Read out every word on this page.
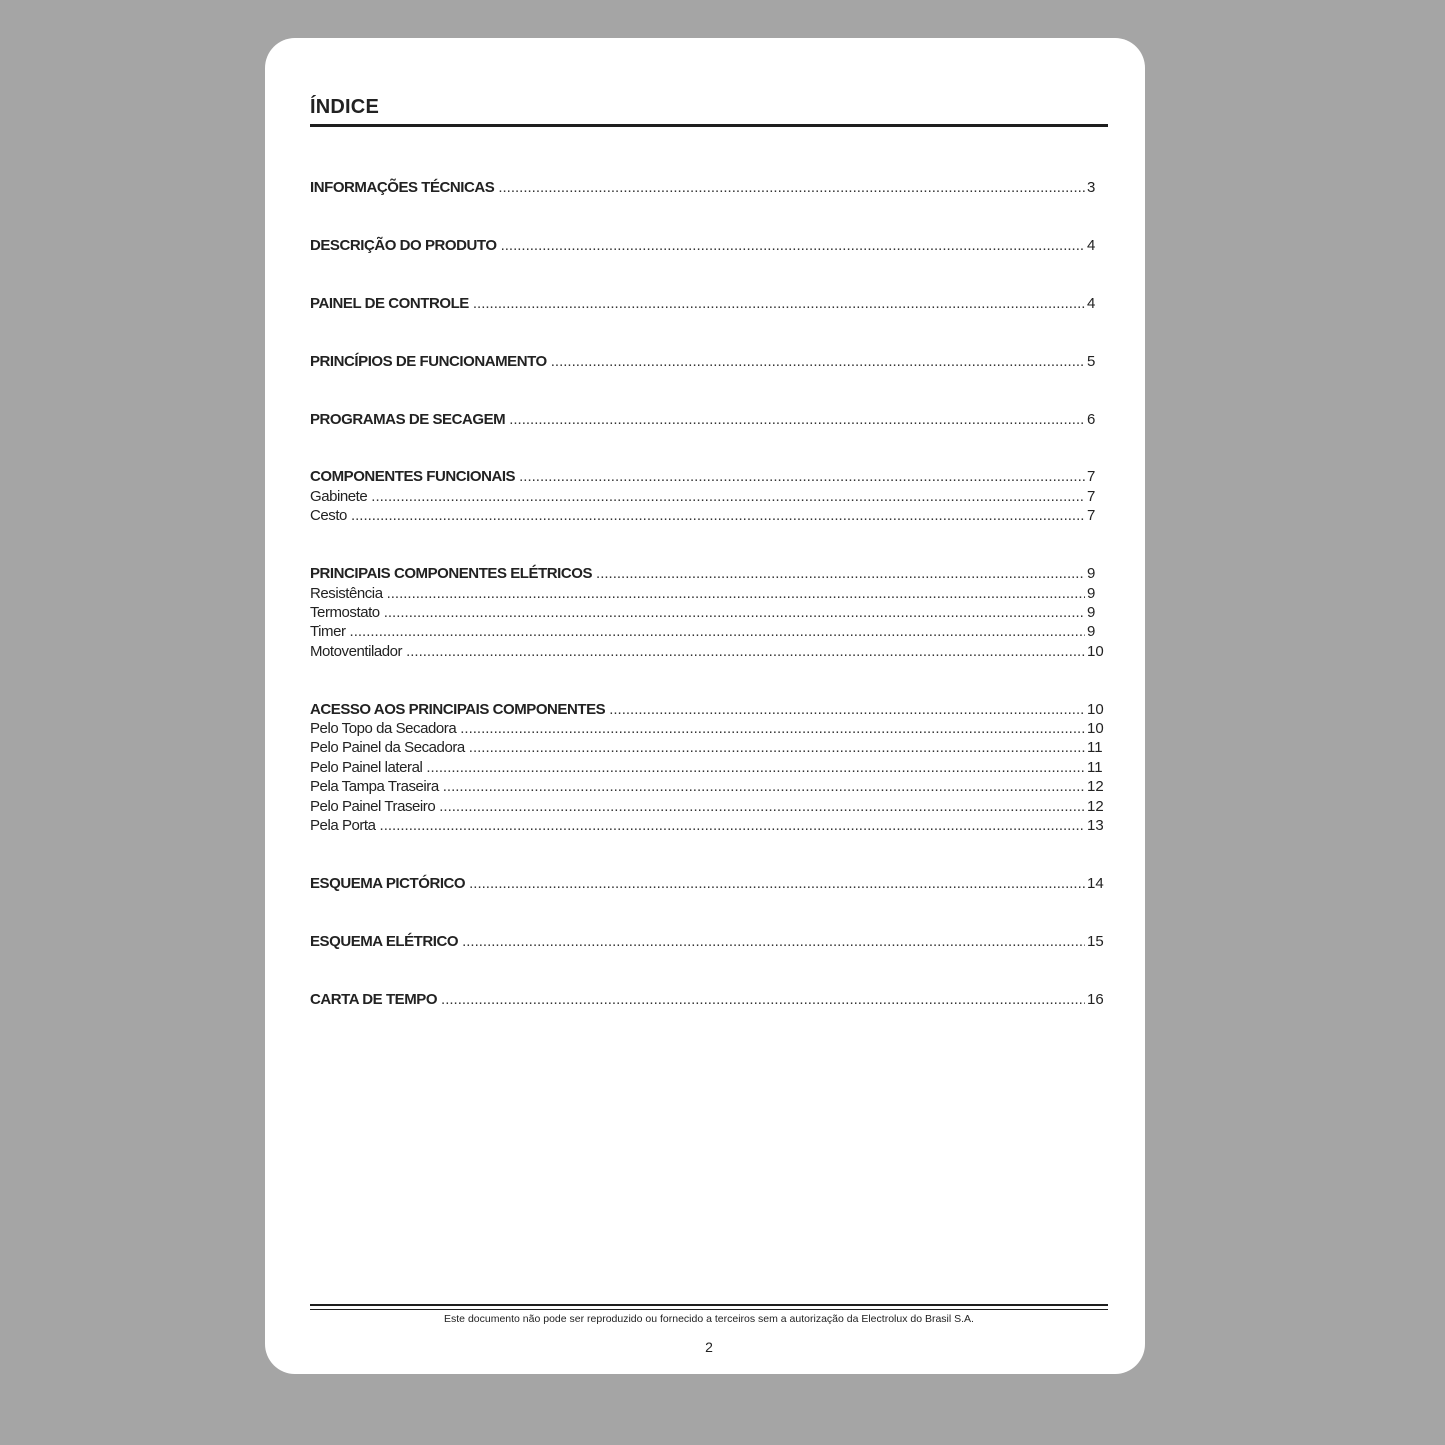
ÍNDICE
INFORMAÇÕES TÉCNICAS .....	3
DESCRIÇÃO DO PRODUTO .....	4
PAINEL DE CONTROLE .....	4
PRINCÍPIOS DE FUNCIONAMENTO .....	5
PROGRAMAS DE SECAGEM .....	6
COMPONENTES FUNCIONAIS .....	7
Gabinete .....	7
Cesto .....	7
PRINCIPAIS COMPONENTES ELÉTRICOS .....	9
Resistência .....	9
Termostato .....	9
Timer .....	9
Motoventilador .....	10
ACESSO AOS PRINCIPAIS COMPONENTES .....	10
Pelo Topo da Secadora .....	10
Pelo Painel da Secadora .....	11
Pelo Painel lateral .....	11
Pela Tampa Traseira .....	12
Pelo Painel Traseiro .....	12
Pela Porta .....	13
ESQUEMA PICTÓRICO .....	14
ESQUEMA ELÉTRICO .....	15
CARTA DE TEMPO .....	16
Este documento não pode ser reproduzido ou fornecido a terceiros sem a autorização da Electrolux do Brasil S.A.
2
